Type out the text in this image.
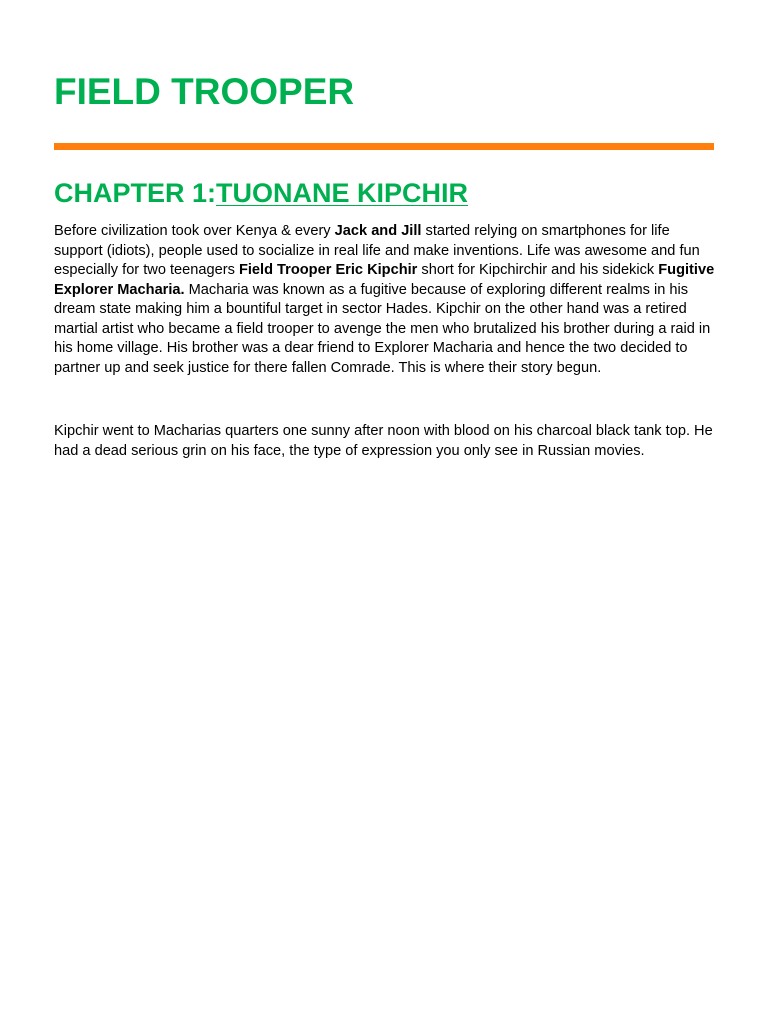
FIELD TROOPER
CHAPTER 1:TUONANE KIPCHIR

Before civilization took over Kenya & every Jack and Jill started relying on smartphones for life support (idiots), people used to socialize in real life and make inventions. Life was awesome and fun especially for two teenagers Field Trooper Eric Kipchir short for Kipchirchir and his sidekick Fugitive Explorer Macharia. Macharia was known as a fugitive because of exploring different realms in his dream state making him a bountiful target in sector Hades. Kipchir on the other hand was a retired martial artist who became a field trooper to avenge the men who brutalized his brother during a raid in his home village. His brother was a dear friend to Explorer Macharia and hence the two decided to partner up and seek justice for there fallen Comrade. This is where their story begun.

Kipchir went to Macharias quarters one sunny after noon with blood on his charcoal black tank top. He had a dead serious grin on his face, the type of expression you only see in Russian movies.
